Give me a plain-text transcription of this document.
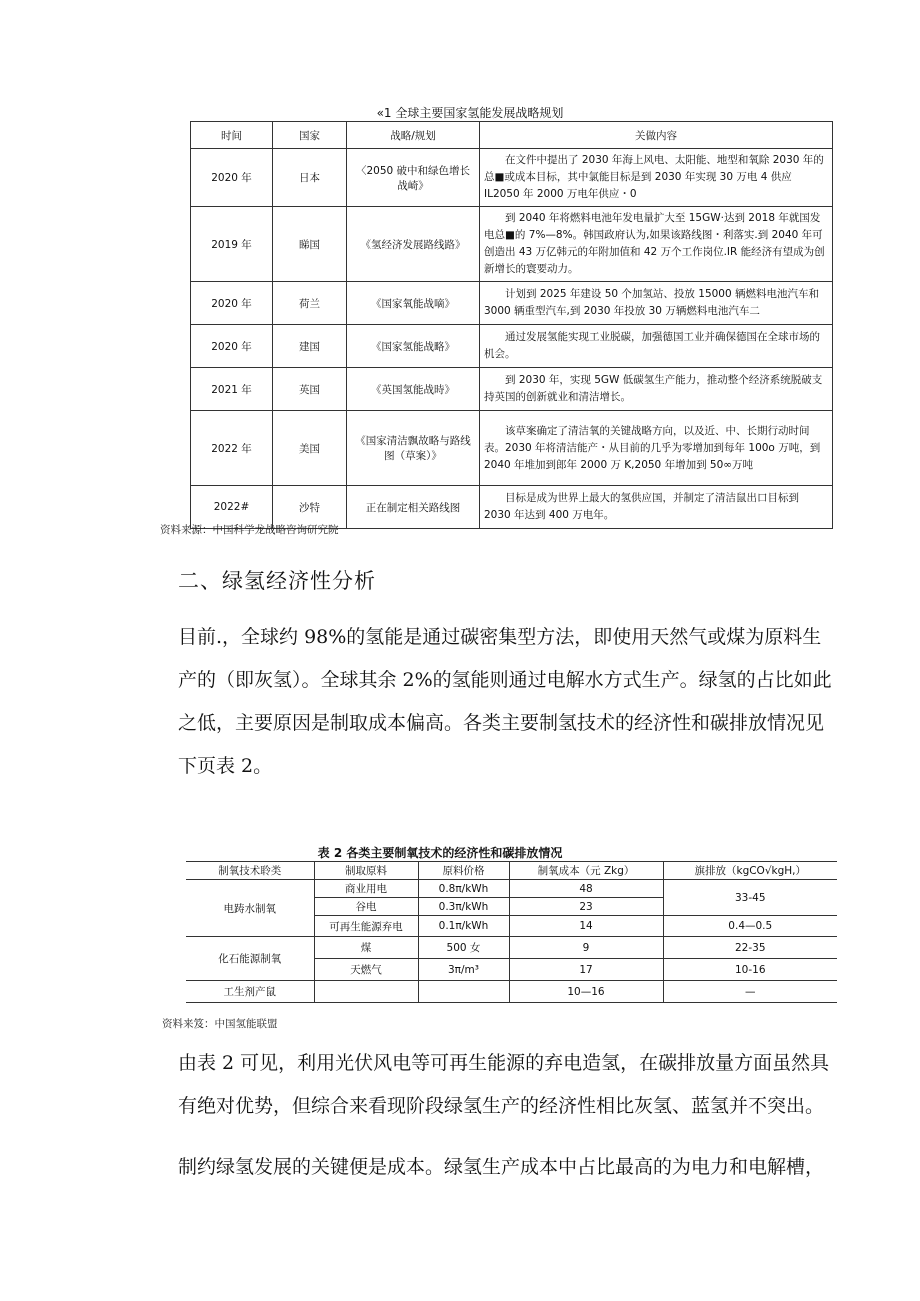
«1 全球主要国家氢能发展战略规划
时间	国家	战略/规划	关做内容
2020 年	日本	〈2050 破中和绿色增长战崎》	在文件中提出了 2030 年海上风电、太阳能、地型和氧除 2030 年的总■或成本目标，其中氯能目标是到 2030 年实现 30 万电 4 供应 IL2050 年 2000 万电年供应・0
2019 年	睇国	《氢经济发展路线路》	到 2040 年将燃料电池年发电量扩大至 15GW·达到 2018 年就国发电总■的 7%—8%。韩国政府认为,如果该路线图・利落实.到 2040 年可创造出 43 万亿韩元的年附加值和 42 万个工作岗位.IR 能经济有望成为创新增长的寰要动力。
2020 年	荷兰	《国家氧能战嘀》	计划到 2025 年建设 50 个加氢站、投放 15000 辆燃料电池汽车和 3000 辆重型汽车,到 2030 年投放 30 万辆燃料电池汽车二
2020 年	建国	《国家氢能战略》	通过发展氢能实现工业脱碳，加强德国工业并确保德国在全球市场的机会。
2021 年	英国	《英国氢能战時》	到 2030 年，实现 5GW 低碳氢生产能力，推动整个经济系统脱破支持英国的创新就业和清洁增长。
2022 年	美国	《国家清洁飘故略与路线图（草案）》	该草案确定了清洁氧的关键战略方向，以及近、中、长期行动时间表。2030 年将清洁能产・从目前的几乎为零增加到每年 100o 万吨，到 2040 年堆加到郎年 2000 万 K,2050 年增加到 50∞万吨
2022#	沙特	正在制定相关路线图	目标是成为世界上最大的氢供应国，并制定了清洁鼠出口目标到 2030 年达到 400 万电年。
资料来源：中国科学龙战略咨询研究院
二、绿氢经济性分析
目前.，全球约 98%的氢能是通过碳密集型方法，即使用天然气或煤为原料生产的（即灰氢）。全球其余 2%的氢能则通过电解水方式生产。绿氢的占比如此之低，主要原因是制取成本偏高。各类主要制氢技术的经济性和碳排放情况见下页表 2。
表 2 各类主要制氧技术的经济性和碳排放情况
制氧技术聆类	制取原料	原料价格	制氧成本（元 Zkg）	旗排放（kgCO√kgH,）
电踌水制氧	商业用电	0.8π/kWh	48	33-45
	谷电	0.3π/kWh	23	
	可再生能源弃电	0.1π/kWh	14	0.4—0.5
化石能源制氧	煤	500 女	9	22-35
	天燃气	3π/m³	17	10-16
工生剂产鼠			10—16	—
资料来笈：中国氢能联盟
由表 2 可见，利用光伏风电等可再生能源的弃电造氢，在碳排放量方面虽然具有绝对优势，但综合来看现阶段绿氢生产的经济性相比灰氢、蓝氢并不突出。
制约绿氢发展的关键便是成本。绿氢生产成本中占比最高的为电力和电解槽，
